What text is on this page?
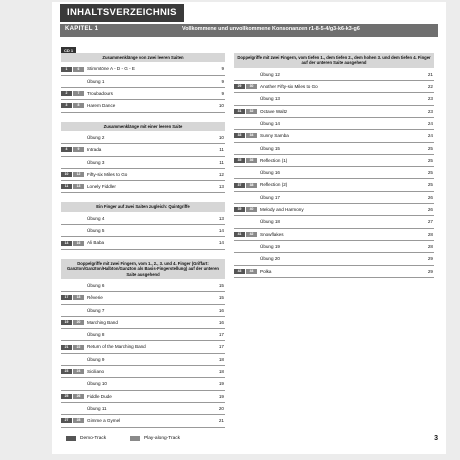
INHALTSVERZEICHNIS
KAPITEL 1	Vollkommene und unvollkommene Konsonanzen r1-8-5-4/g3-k6-k3-g6
CD 1
Zusammenklänge von zwei leeren Saiten
1	6	Stimmtöne A - D - G - E	9
Übung 1	9
2	7	Troubadours	9
3	8	Harem Dance	10
Zusammenklänge mit einer leeren Saite
Übung 2	10
4	9	Intrada	11
Übung 3	11
10	12	Fifty-six Miles to Go	12
11	13	Lonely Fiddler	13
Ein Finger auf zwei Saiten zugleich: Quintgriffe
Übung 4	13
Übung 5	14
14	16	Ali Baba	14
Doppelgriffe mit zwei Fingern, vom 1., 2., 3. und 4. Finger (Griffart: Ganzton/Ganzton/Halbton/Ganzton als Basis-Fingerstellung) auf der unteren Saite ausgehend
Übung 6	15
17	18	Rêverie	15
Übung 7	16
19	20	Marching Band	16
Übung 8	17
21	22	Return of the Marching Band	17
Übung 9	18
23	24	Siciliano	18
Übung 10	19
25	26	Fiddle Dude	19
Übung 11	20
27	28	Gimme a Gymel	21
Doppelgriffe mit zwei Fingern, vom tiefen 1., dem tiefen 2., dem hohen 3. und dem tiefen 4. Finger auf der unteren Saite ausgehend
Übung 12	21
29	30	Another Fifty-six Miles to Go	22
Übung 13	23
31	32	Octave Waltz	23
Übung 14	24
33	34	Sunny Samba	24
Übung 15	25
35	36	Reflection (1)	25
Übung 16	25
37	38	Reflection (2)	25
Übung 17	26
39	40	Melody and Harmony	26
Übung 18	27
41	42	Snowflakes	28
Übung 19	28
Übung 20	29
43	44	Polka	29
Demo-Track	Play-along-Track	3
